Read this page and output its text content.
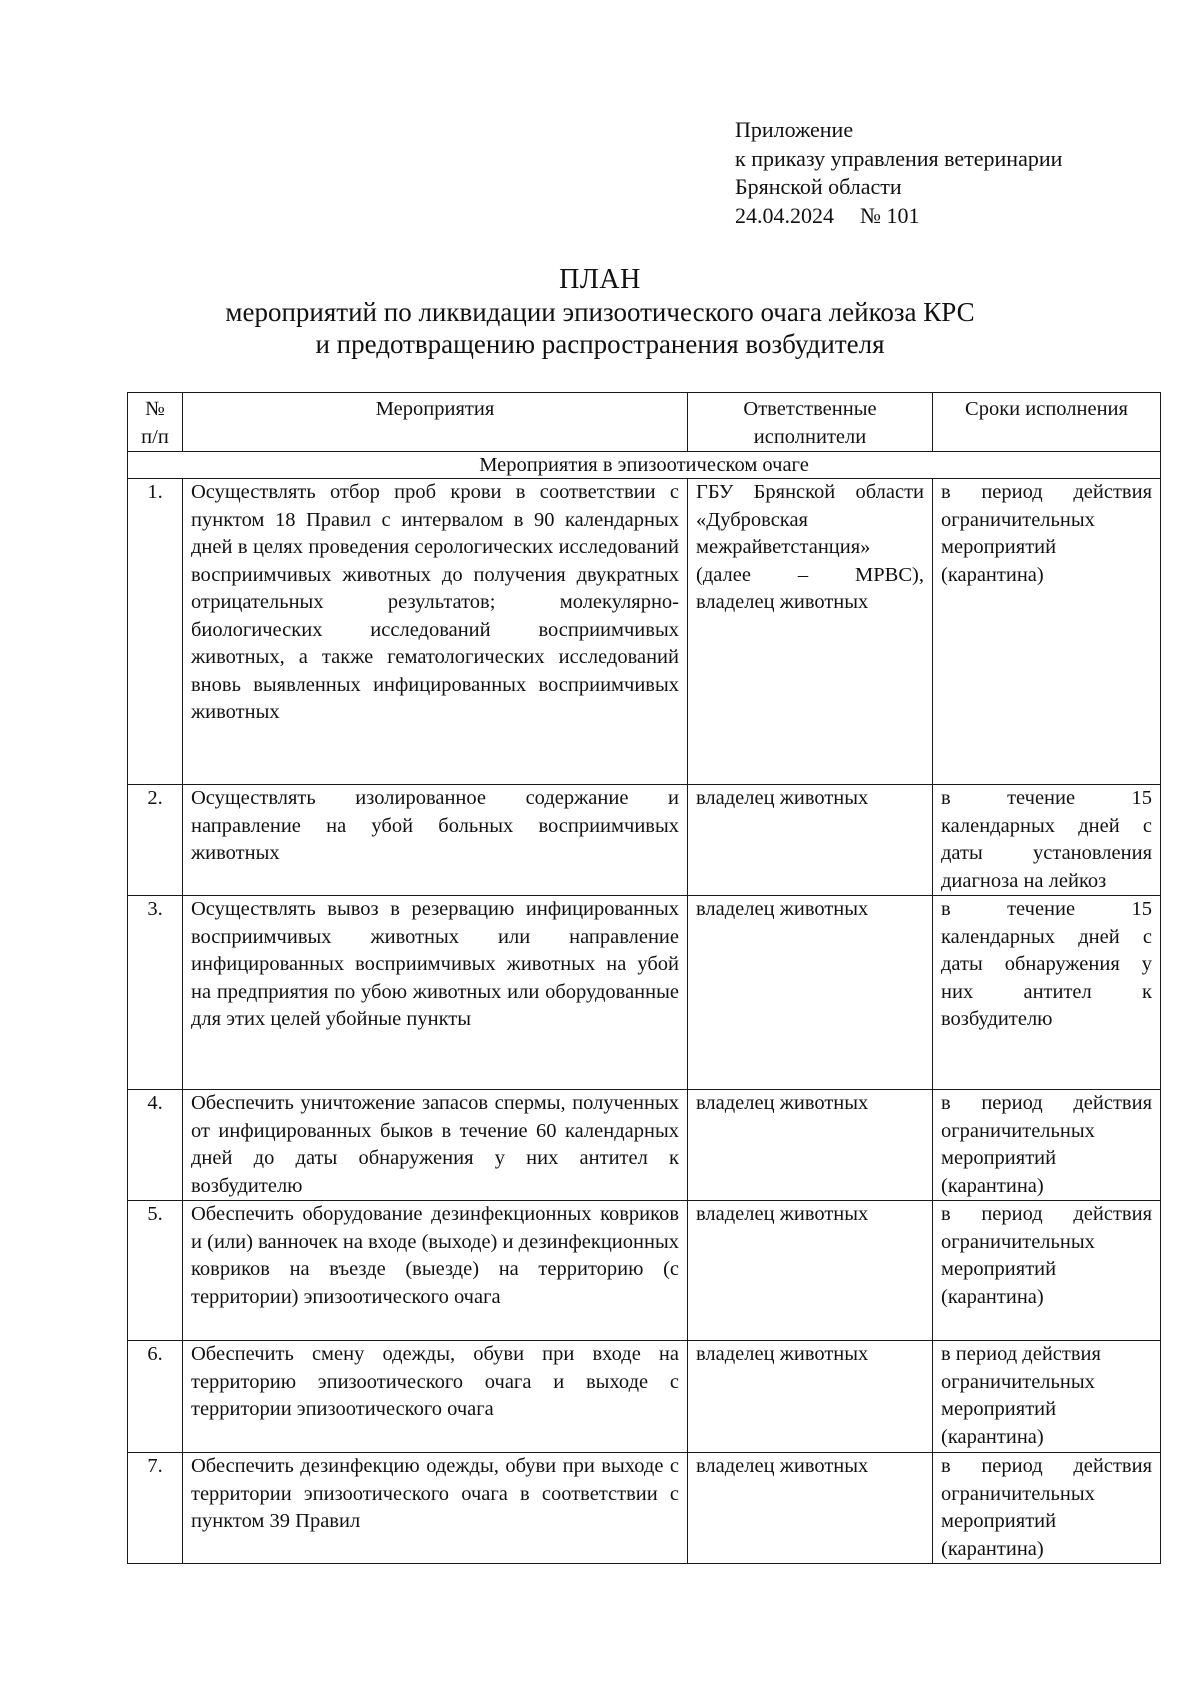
Приложение
к приказу управления ветеринарии
Брянской области
24.04.2024 № 101
ПЛАН
мероприятий по ликвидации эпизоотического очага лейкоза КРС
и предотвращению распространения возбудителя
№ п/п	Мероприятия	Ответственные исполнители	Сроки исполнения
Мероприятия в эпизоотическом очаге			
1.	Осуществлять отбор проб крови в соответствии с пунктом 18 Правил с интервалом в 90 календарных дней в целях проведения серологических исследований восприимчивых животных до получения двукратных отрицательных результатов; молекулярно-биологических исследований восприимчивых животных, а также гематологических исследований вновь выявленных инфицированных восприимчивых животных	ГБУ Брянской области «Дубровская межрайветстанция» (далее – МРВС), владелец животных	в период действия ограничительных мероприятий (карантина)
2.	Осуществлять изолированное содержание и направление на убой больных восприимчивых животных	владелец животных	в течение 15 календарных дней с даты установления диагноза на лейкоз
3.	Осуществлять вывоз в резервацию инфицированных восприимчивых животных или направление инфицированных восприимчивых животных на убой на предприятия по убою животных или оборудованные для этих целей убойные пункты	владелец животных	в течение 15 календарных дней с даты обнаружения у них антител к возбудителю
4.	Обеспечить уничтожение запасов спермы, полученных от инфицированных быков в течение 60 календарных дней до даты обнаружения у них антител к возбудителю	владелец животных	в период действия ограничительных мероприятий (карантина)
5.	Обеспечить оборудование дезинфекционных ковриков и (или) ванночек на входе (выходе) и дезинфекционных ковриков на въезде (выезде) на территорию (с территории) эпизоотического очага	владелец животных	в период действия ограничительных мероприятий (карантина)
6.	Обеспечить смену одежды, обуви при входе на территорию эпизоотического очага и выходе с территории эпизоотического очага	владелец животных	в период действия ограничительных мероприятий (карантина)
7.	Обеспечить дезинфекцию одежды, обуви при выходе с территории эпизоотического очага в соответствии с пунктом 39 Правил	владелец животных	в период действия ограничительных мероприятий (карантина)
